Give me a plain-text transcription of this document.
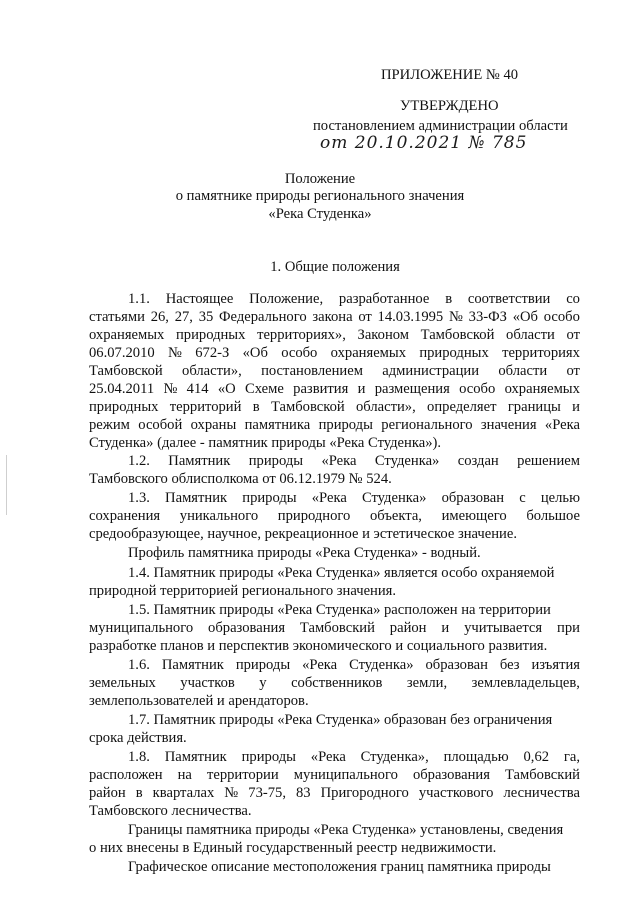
ПРИЛОЖЕНИЕ № 40
УТВЕРЖДЕНО
постановлением администрации области
от 20.10.2021 № 785
Положение
о памятнике природы регионального значения
«Река Студенка»
1. Общие положения
1.1. Настоящее Положение, разработанное в соответствии со
статьями 26, 27, 35 Федерального закона от 14.03.1995 № 33-ФЗ «Об особо
охраняемых природных территориях», Законом Тамбовской области от
06.07.2010 № 672-З «Об особо охраняемых природных территориях
Тамбовской области», постановлением администрации области от
25.04.2011 № 414 «О Схеме развития и размещения особо охраняемых
природных территорий в Тамбовской области», определяет границы и
режим особой охраны памятника природы регионального значения «Река
Студенка» (далее - памятник природы «Река Студенка»).
1.2. Памятник природы «Река Студенка» создан решением
Тамбовского облисполкома от 06.12.1979 № 524.
1.3. Памятник природы «Река Студенка» образован с целью
сохранения уникального природного объекта, имеющего большое
средообразующее, научное, рекреационное и эстетическое значение.
Профиль памятника природы «Река Студенка» - водный.
1.4. Памятник природы «Река Студенка» является особо охраняемой
природной территорией регионального значения.
1.5. Памятник природы «Река Студенка» расположен на территории
муниципального образования Тамбовский район и учитывается при
разработке планов и перспектив экономического и социального развития.
1.6. Памятник природы «Река Студенка» образован без изъятия
земельных участков у собственников земли, землевладельцев,
землепользователей и арендаторов.
1.7. Памятник природы «Река Студенка» образован без ограничения
срока действия.
1.8. Памятник природы «Река Студенка», площадью 0,62 га,
расположен на территории муниципального образования Тамбовский
район в кварталах № 73-75, 83 Пригородного участкового лесничества
Тамбовского лесничества.
Границы памятника природы «Река Студенка» установлены, сведения
о них внесены в Единый государственный реестр недвижимости.
Графическое описание местоположения границ памятника природы
